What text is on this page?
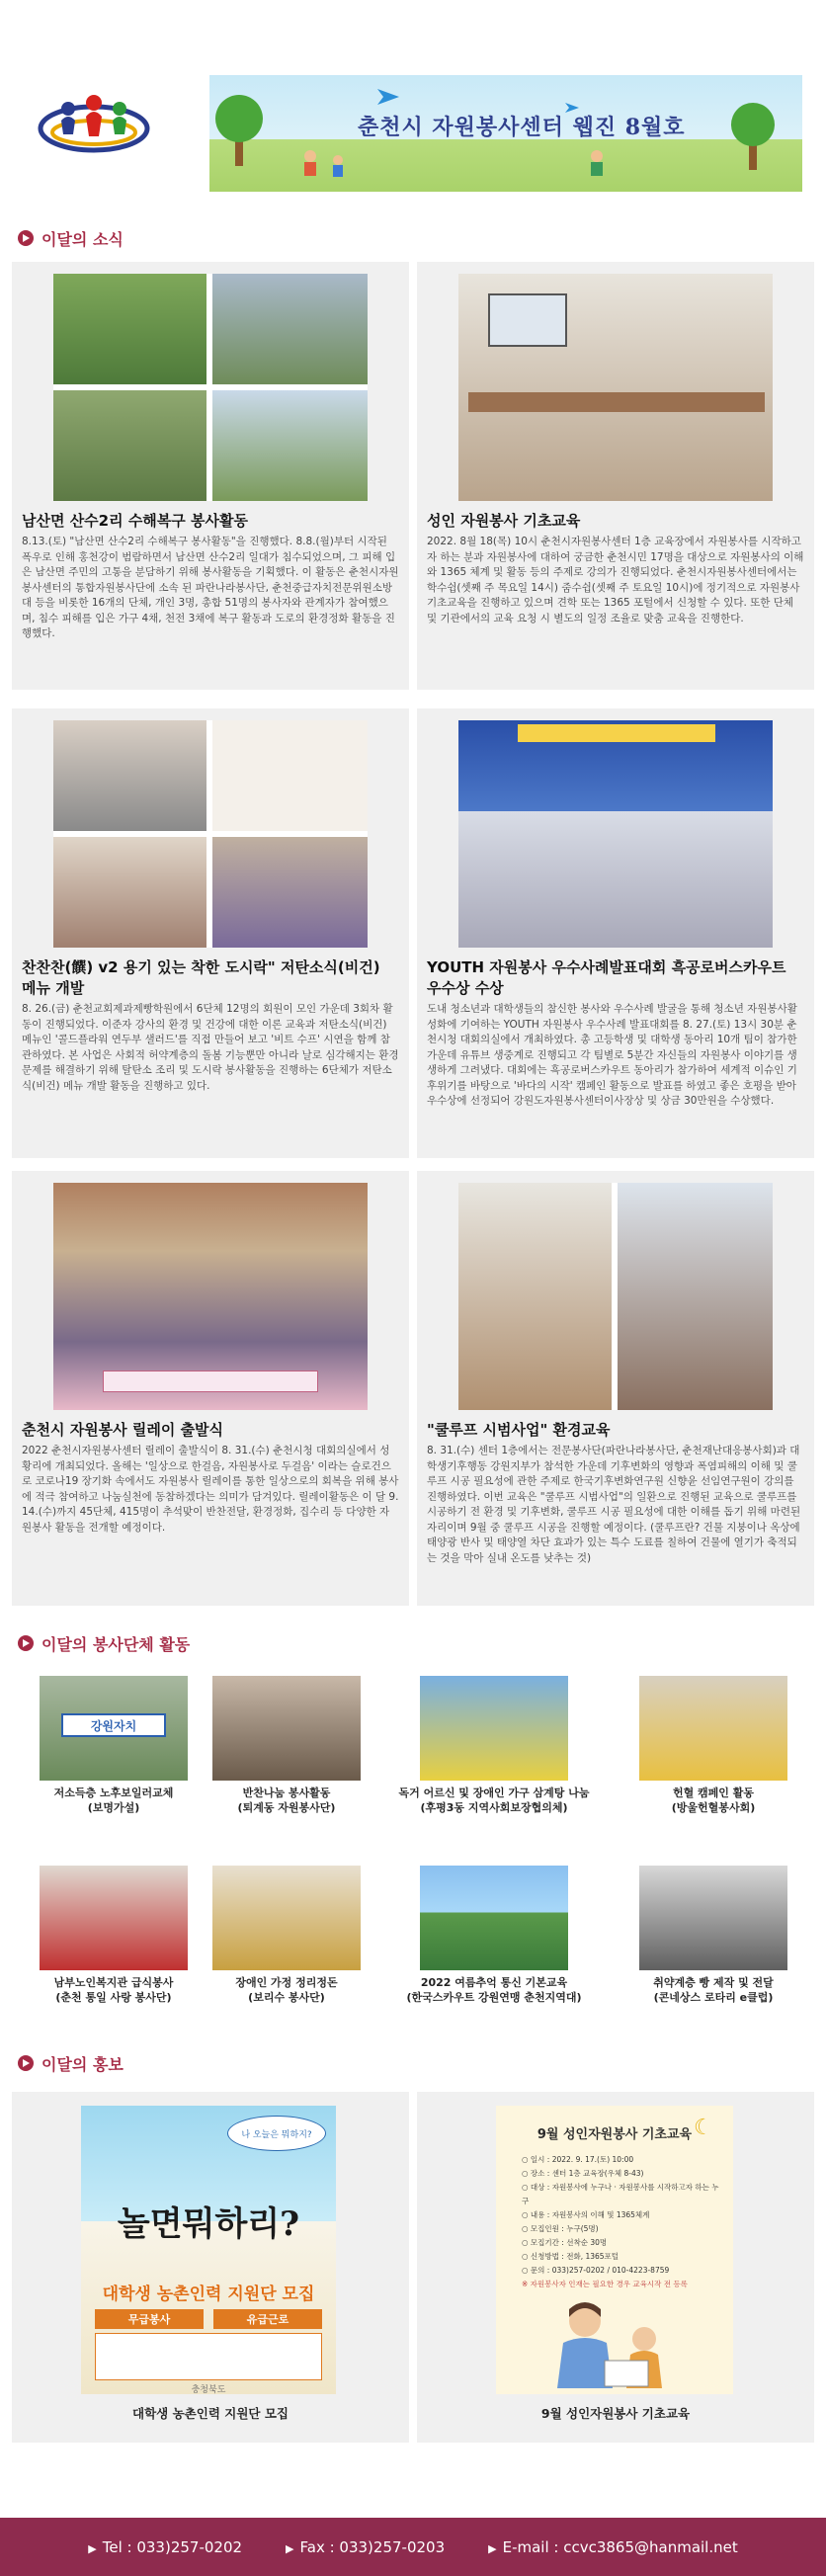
춘천시 자원봉사센터 웹진 8월호
이달의 소식
남산면 산수2리 수해복구 봉사활동
8.13.(토) "남산면 산수2리 수해복구 봉사활동"을 진행했다. 8.8.(월)부터 시작된 폭우로 인해 홍천강이 범람하면서 남산면 산수2리 일대가 침수되었으며, 그 피해 입은 남산면 주민의 고통을 분담하기 위해 봉사활동을 기획했다. 이 활동은 춘천시자원봉사센터의 통합자원봉사단에 소속 된 파란나라봉사단, 춘천중급자치전문위원소방대 등을 비롯한 16개의 단체, 개인 3명, 총합 51명의 봉사자와 관계자가 참여했으며, 침수 피해를 입은 가구 4채, 천전 3채에 복구 활동과 도로의 환경정화 활동을 진행했다.
성인 자원봉사 기초교육
2022. 8월 18(목) 10시 춘천시자원봉사센터 1층 교육장에서 자원봉사를 시작하고자 하는 분과 자원봉사에 대하여 궁금한 춘천시민 17명을 대상으로 자원봉사의 이해와 1365 체계 및 활동 등의 주제로 강의가 진행되었다. 춘천시자원봉사센터에서는 학수쉽(셋째 주 목요일 14시) 줌수쉽(셋째 주 토요일 10시)에 정기적으로 자원봉사 기초교육을 진행하고 있으며 견학 또는 1365 포털에서 신청할 수 있다. 또한 단체 및 기관에서의 교육 요청 시 별도의 일정 조율로 맞춤 교육을 진행한다.
찬찬찬(饌) v2 용기 있는 착한 도시락" 저탄소식(비건) 메뉴 개발
8. 26.(금) 춘천교회제과제빵학원에서 6단체 12명의 회원이 모인 가운데 3회차 활동이 진행되었다. 이준자 강사의 환경 및 건강에 대한 이론 교육과 저탄소식(비건) 메뉴인 '콜드플라워 연두부 샐러드'를 직접 만들어 보고 '비트 수프' 시연을 함께 참관하였다. 본 사업은 사회적 허약계층의 돌봄 기능뿐만 아니라 날로 심각해지는 환경문제를 해결하기 위해 탈탄소 조리 및 도시락 봉사활동을 진행하는 6단체가 저탄소식(비건) 메뉴 개발 활동을 진행하고 있다.
YOUTH 자원봉사 우수사례발표대회 흑공로버스카우트 우수상 수상
도내 청소년과 대학생들의 참신한 봉사와 우수사례 발굴을 통해 청소년 자원봉사활성화에 기여하는 YOUTH 자원봉사 우수사례 발표대회를 8. 27.(토) 13시 30분 춘천시청 대회의실에서 개최하였다. 총 고등학생 및 대학생 동아리 10개 팀이 참가한 가운데 유튜브 생중계로 진행되고 각 팀별로 5분간 자신들의 자원봉사 이야기를 생생하게 그려냈다. 대회에는 흑공로버스카우트 동아리가 참가하여 세계적 이슈인 기후위기를 바탕으로 '바다의 시작' 캠페인 활동으로 발표를 하였고 좋은 호평을 받아 우수상에 선정되어 강원도자원봉사센터이사장상 및 상금 30만원을 수상했다.
춘천시 자원봉사 릴레이 출발식
2022 춘천시자원봉사센터 릴레이 출발식이 8. 31.(수) 춘천시청 대회의실에서 성황리에 개최되었다. 올해는 '일상으로 한걸음, 자원봉사로 두걸음' 이라는 슬로건으로 코로나19 장기화 속에서도 자원봉사 릴레이를 통한 일상으로의 회복을 위해 봉사에 적극 참여하고 나눔실천에 동참하겠다는 의미가 담겨있다. 릴레이활동은 이 달 9. 14.(수)까지 45단체, 415명이 추석맞이 반찬전달, 환경정화, 집수리 등 다양한 자원봉사 활동을 전개할 예정이다.
"쿨루프 시범사업" 환경교육
8. 31.(수) 센터 1층에서는 전문봉사단(파란나라봉사단, 춘천재난대응봉사회)과 대학생기후행동 강원지부가 참석한 가운데 기후변화의 영향과 폭염피해의 이해 및 쿨루프 시공 필요성에 관한 주제로 한국기후변화연구원 신향윤 선임연구원이 강의를 진행하였다. 이번 교육은 "쿨루프 시범사업"의 일환으로 진행된 교육으로 쿨루프를 시공하기 전 환경 및 기후변화, 쿨루프 시공 필요성에 대한 이해를 돕기 위해 마련된 자리이며 9월 중 쿨루프 시공을 진행할 예정이다. (쿨루프란? 건물 지붕이나 옥상에 태양광 반사 및 태양열 차단 효과가 있는 특수 도료를 칠하여 건물에 열기가 축적되는 것을 막아 실내 온도를 낮추는 것)
이달의 봉사단체 활동
강원자치
저소득층 노후보일러교체
(보명가설)
반찬나눔 봉사활동
(퇴계동 자원봉사단)
독거 어르신 및 장애인 가구 삼계탕 나눔
(후평3동 지역사회보장협의체)
헌혈 캠페인 활동
(방울헌혈봉사회)
남부노인복지관 급식봉사
(춘천 통일 사랑 봉사단)
장애인 가정 정리정돈
(보리수 봉사단)
2022 여름추억 통신 기본교육
(한국스카우트 강원연맹 춘천지역대)
취약계층 빵 제작 및 전달
(콘네상스 로타리 e클럽)
이달의 홍보
나 오늘은 뭐하지?
놀면뭐하리?
대학생 농촌인력 지원단 모집
무급봉사	유급근로
충청북도
대학생 농촌인력 지원단 모집
☾
9월 성인자원봉사 기초교육
○ 일시 : 2022. 9. 17.(토) 10:00
○ 장소 : 센터 1층 교육장(우체 8-43)
○ 대상 : 자원봉사에 누구나 · 자원봉사를 시작하고자 하는 누구
○ 내용 : 자원봉사의 이해 및 1365체계
○ 모집인원 : 누구(5명)
○ 모집기간 : 선착순 30명
○ 신청방법 : 전화, 1365포털
○ 문의 : 033)257-0202 / 010-4223-8759
※ 자원봉사자 인재는 필요한 경우 교육시작 전 등록
9월 성인자원봉사 기초교육
▶ Tel : 033)257-0202	▶ Fax : 033)257-0203	▶ E-mail : ccvc3865@hanmail.net
